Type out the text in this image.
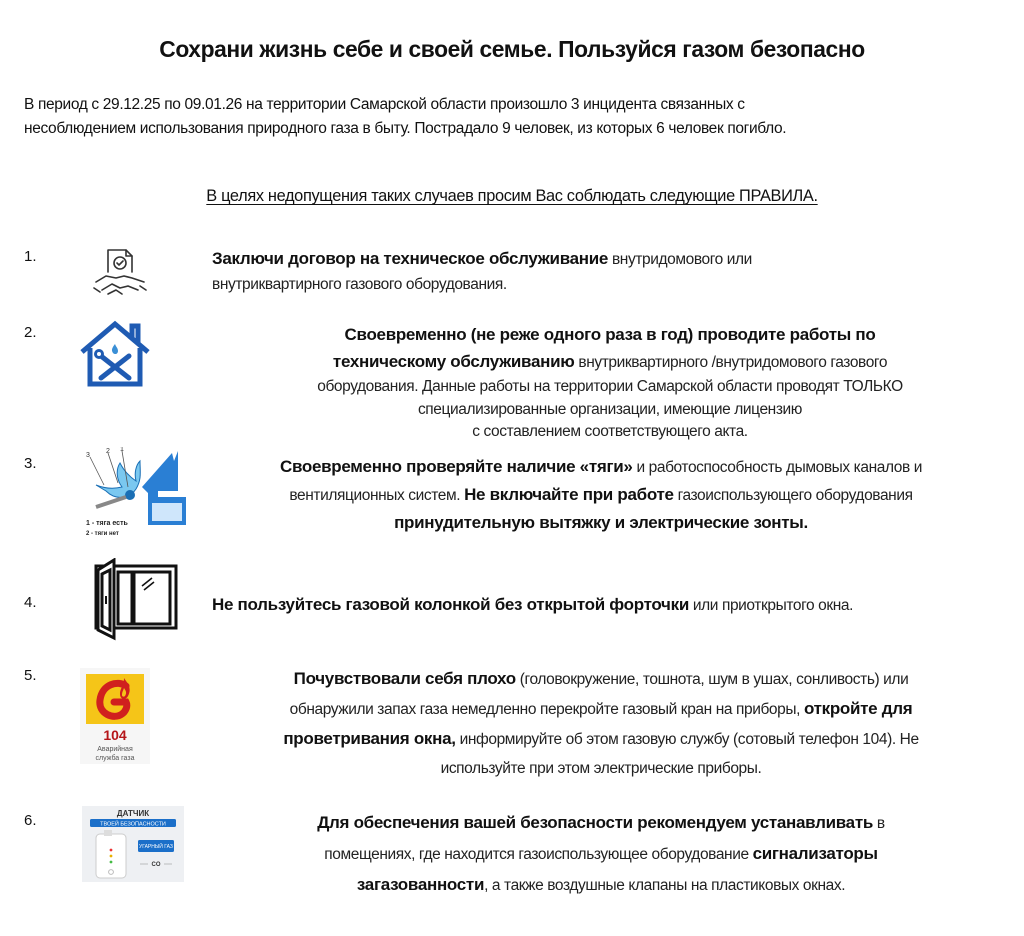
Сохрани жизнь себе и своей семье. Пользуйся газом безопасно
В период с 29.12.25 по 09.01.26 на территории Самарской области произошло 3 инцидента связанных с
несоблюдением использования природного газа в быту. Пострадало 9 человек, из которых 6 человек погибло.
В целях недопущения таких случаев просим Вас соблюдать следующие ПРАВИЛА.
1.	Заключи договор на техническое обслуживание внутридомового или
внутриквартирного газового оборудования.
2.	Своевременно (не реже одного раза в год) проводите работы по
техническому обслуживанию внутриквартирного /внутридомового газового
оборудования. Данные работы на территории Самарской области проводят ТОЛЬКО
специализированные организации, имеющие лицензию
с составлением соответствующего акта.
3.	3
2 1
1 - тяга есть
2 - тяги нет
Своевременно проверяйте наличие «тяги» и работоспособность дымовых каналов и
вентиляционных систем. Не включайте при работе газоиспользующего оборудования
принудительную вытяжку и электрические зонты.
4.	Не пользуйтесь газовой колонкой без открытой форточки или приоткрытого окна.
5.
104
Аварийная
служба газа
Почувствовали себя плохо (головокружение, тошнота, шум в ушах, сонливость) или
обнаружили запах газа немедленно перекройте газовый кран на приборы, откройте для
проветривания окна, информируйте об этом газовую службу (сотовый телефон 104). Не
используйте при этом электрические приборы.
6.	ДАТЧИК
ТВОЕЙ БЕЗОПАСНОСТИ
УГАРНЫЙ ГАЗ
CO
Для обеспечения вашей безопасности рекомендуем устанавливать в
помещениях, где находится газоиспользующее оборудование сигнализаторы
загазованности, а также воздушные клапаны на пластиковых окнах.
